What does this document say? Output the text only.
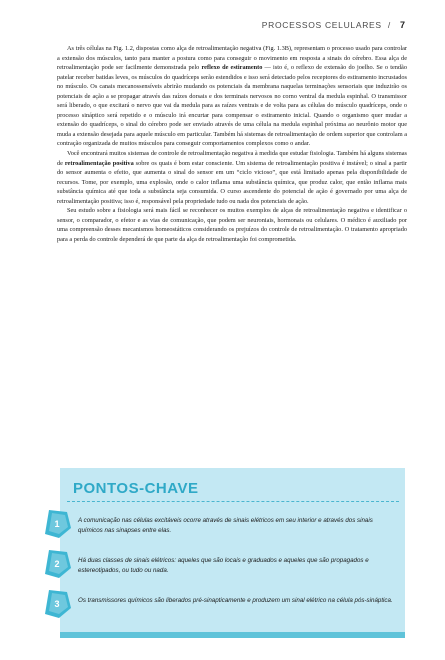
PROCESSOS CELULARES / 7

As três células na Fig. 1.2, dispostas como alça de retroalimentação negativa (Fig. 1.3B), representam o processo usado para controlar a extensão dos músculos, tanto para manter a postura como para conseguir o movimento em resposta a sinais do cérebro. Essa alça de retroalimentação pode ser facilmente demonstrada pelo reflexo de estiramento — isto é, o reflexo de extensão do joelho. Se o tendão patelar receber batidas leves, os músculos do quadríceps serão estendidos e isso será detectado pelos receptores do estiramento incrustados no músculo. Os canais mecanossensíveis abrirão mudando os potenciais da membrana naquelas terminações sensoriais que induzirão os potenciais de ação a se propagar através das raízes dorsais e dos terminais nervosos no corno ventral da medula espinhal. O transmissor será liberado, o que excitará o nervo que vai da medula para as raízes ventrais e de volta para as células do músculo quadríceps, onde o processo sináptico será repetido e o músculo irá encurtar para compensar o estiramento inicial. Quando o organismo quer mudar a extensão do quadríceps, o sinal do cérebro pode ser enviado através de uma célula na medula espinhal próxima ao neurônio motor que muda a extensão desejada para aquele músculo em particular. Também há sistemas de retroalimentação de ordem superior que controlam a contração organizada de muitos músculos para conseguir comportamentos complexos como o andar.

Você encontrará muitos sistemas de controle de retroalimentação negativa à medida que estudar fisiologia. Também há alguns sistemas de retroalimentação positiva sobre os quais é bom estar consciente. Um sistema de retroalimentação positiva é instável; o sinal a partir do sensor aumenta o efeito, que aumenta o sinal do sensor em um “ciclo vicioso”, que está limitado apenas pela disponibilidade de recursos. Tome, por exemplo, uma explosão, onde o calor inflama uma substância química, que produz calor, que então inflama mais substância química até que toda a substância seja consumida. O curso ascendente do potencial de ação é governado por uma alça de retroalimentação positiva; isso é, responsável pela propriedade tudo ou nada dos potenciais de ação.

Seu estudo sobre a fisiologia será mais fácil se reconhecer os muitos exemplos de alças de retroalimentação negativa e identificar o sensor, o comparador, o efetor e as vias de comunicação, que podem ser neuroniais, hormonais ou celulares. O médico é auxiliado por uma compreensão desses mecanismos homeostáticos considerando os prejuízos do controle de retroalimentação. O tratamento apropriado para a perda do controle dependerá de que parte da alça de retroalimentação foi comprometida.

PONTOS-CHAVE
1	A comunicação nas células excitáveis ocorre através de sinais elétricos em seu interior e através dos sinais químicos nas sinapses entre elas.
2	Há duas classes de sinais elétricos: aqueles que são locais e graduados e aqueles que são propagados e estereotipados, ou tudo ou nada.
3	Os transmissores químicos são liberados pré-sinapticamente e produzem um sinal elétrico na célula pós-sináptica.
